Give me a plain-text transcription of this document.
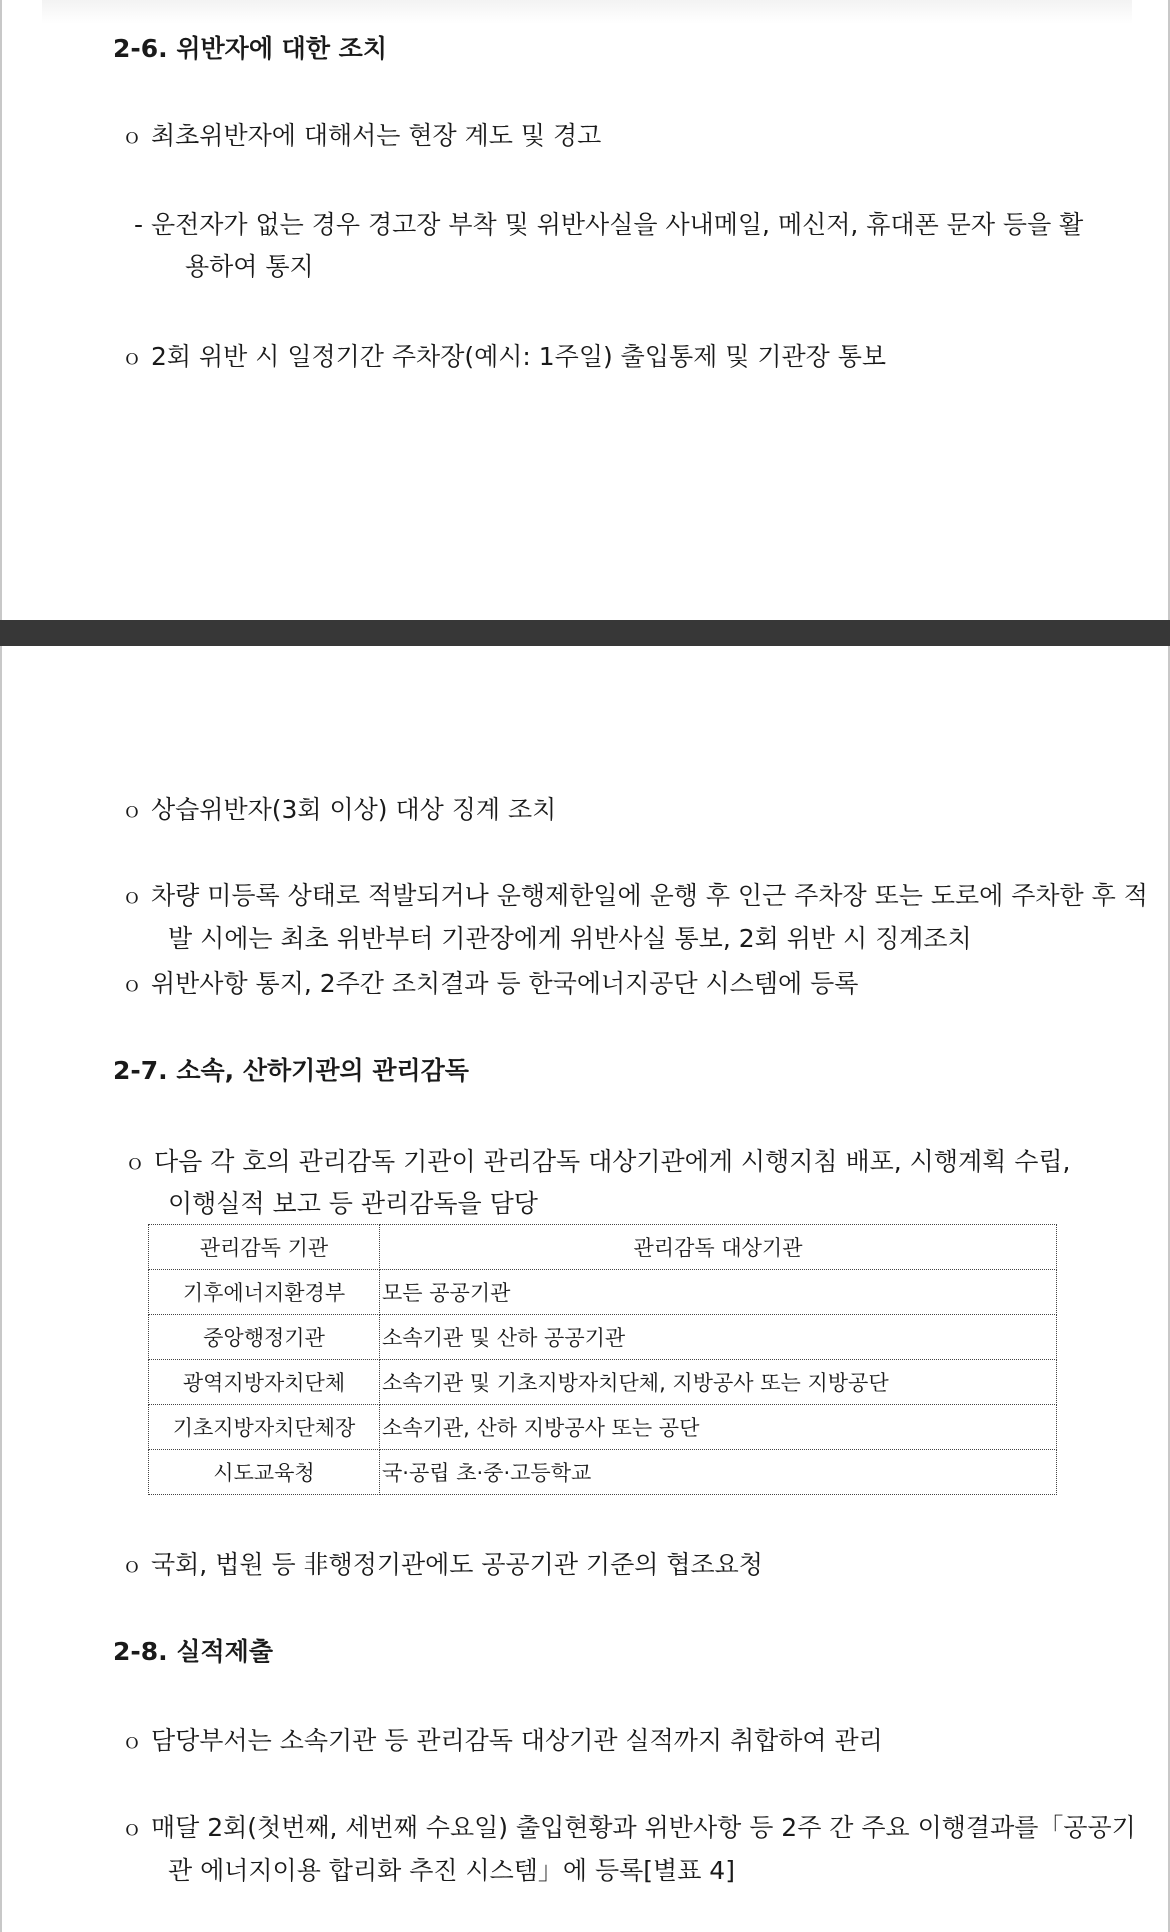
2-6. 위반자에 대한 조치
ｏ 최초위반자에 대해서는 현장 계도 및 경고
- 운전자가 없는 경우 경고장 부착 및 위반사실을 사내메일, 메신저, 휴대폰 문자 등을 활
용하여 통지
ｏ 2회 위반 시 일정기간 주차장(예시: 1주일) 출입통제 및 기관장 통보
ｏ 상습위반자(3회 이상) 대상 징계 조치
ｏ 차량 미등록 상태로 적발되거나 운행제한일에 운행 후 인근 주차장 또는 도로에 주차한 후 적
발 시에는 최초 위반부터 기관장에게 위반사실 통보, 2회 위반 시 징계조치
ｏ 위반사항 통지, 2주간 조치결과 등 한국에너지공단 시스템에 등록
2-7. 소속, 산하기관의 관리감독
ｏ 다음 각 호의 관리감독 기관이 관리감독 대상기관에게 시행지침 배포, 시행계획 수립,
이행실적 보고 등 관리감독을 담당
관리감독 기관	관리감독 대상기관
기후에너지환경부	모든 공공기관
중앙행정기관	소속기관 및 산하 공공기관
광역지방자치단체	소속기관 및 기초지방자치단체, 지방공사 또는 지방공단
기초지방자치단체장	소속기관, 산하 지방공사 또는 공단
시도교육청	국·공립 초·중·고등학교
ｏ 국회, 법원 등 非행정기관에도 공공기관 기준의 협조요청
2-8. 실적제출
ｏ 담당부서는 소속기관 등 관리감독 대상기관 실적까지 취합하여 관리
ｏ 매달 2회(첫번째, 세번째 수요일) 출입현황과 위반사항 등 2주 간 주요 이행결과를「공공기
관 에너지이용 합리화 추진 시스템」에 등록[별표 4]
